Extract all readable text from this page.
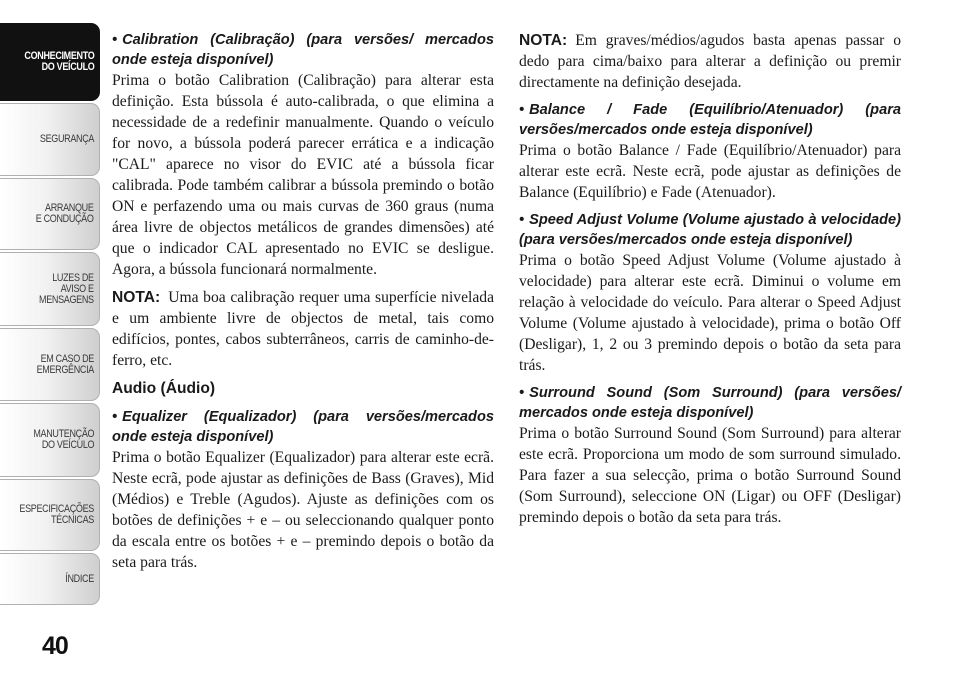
CONHECIMENTO
DO VEÍCULO
SEGURANÇA
ARRANQUE
E CONDUÇÃO
LUZES DE
AVISO E
MENSAGENS
EM CASO DE
EMERGÊNCIA
MANUTENÇÃO
DO VEÍCULO
ESPECIFICAÇÕES
TÉCNICAS
ÍNDICE
40

• Calibration (Calibração) (para versões/ mercados onde esteja disponível)

Prima o botão Calibration (Calibração) para alterar esta definição. Esta bússola é auto-calibrada, o que elimina a necessidade de a redefinir manualmente. Quando o veículo for novo, a bússola poderá parecer errática e a indicação "CAL" aparece no visor do EVIC até a bússola ficar calibrada. Pode também calibrar a bússola premindo o botão ON e perfazendo uma ou mais curvas de 360 graus (numa área livre de objectos metálicos de grandes dimensões) até que o indicador CAL apresentado no EVIC se desligue. Agora, a bússola funcionará normalmente.

NOTA: Uma boa calibração requer uma superfície nivelada e um ambiente livre de objectos de metal, tais como edifícios, pontes, cabos subterrâneos, carris de caminho-de-ferro, etc.

Audio (Áudio)

• Equalizer (Equalizador) (para versões/mercados onde esteja disponível)

Prima o botão Equalizer (Equalizador) para alterar este ecrã. Neste ecrã, pode ajustar as definições de Bass (Graves), Mid (Médios) e Treble (Agudos). Ajuste as definições com os botões de definições + e – ou seleccionando qualquer ponto da escala entre os botões + e – premindo depois o botão da seta para trás.

NOTA: Em graves/médios/agudos basta apenas passar o dedo para cima/baixo para alterar a definição ou premir directamente na definição desejada.

• Balance / Fade (Equilíbrio/Atenuador) (para versões/mercados onde esteja disponível)

Prima o botão Balance / Fade (Equilíbrio/Atenuador) para alterar este ecrã. Neste ecrã, pode ajustar as definições de Balance (Equilíbrio) e Fade (Atenuador).

• Speed Adjust Volume (Volume ajustado à velocidade) (para versões/mercados onde esteja disponível)

Prima o botão Speed Adjust Volume (Volume ajustado à velocidade) para alterar este ecrã. Diminui o volume em relação à velocidade do veículo. Para alterar o Speed Adjust Volume (Volume ajustado à velocidade), prima o botão Off (Desligar), 1, 2 ou 3 premindo depois o botão da seta para trás.

• Surround Sound (Som Surround) (para versões/ mercados onde esteja disponível)

Prima o botão Surround Sound (Som Surround) para alterar este ecrã. Proporciona um modo de som surround simulado. Para fazer a sua selecção, prima o botão Surround Sound (Som Surround), seleccione ON (Ligar) ou OFF (Desligar) premindo depois o botão da seta para trás.
